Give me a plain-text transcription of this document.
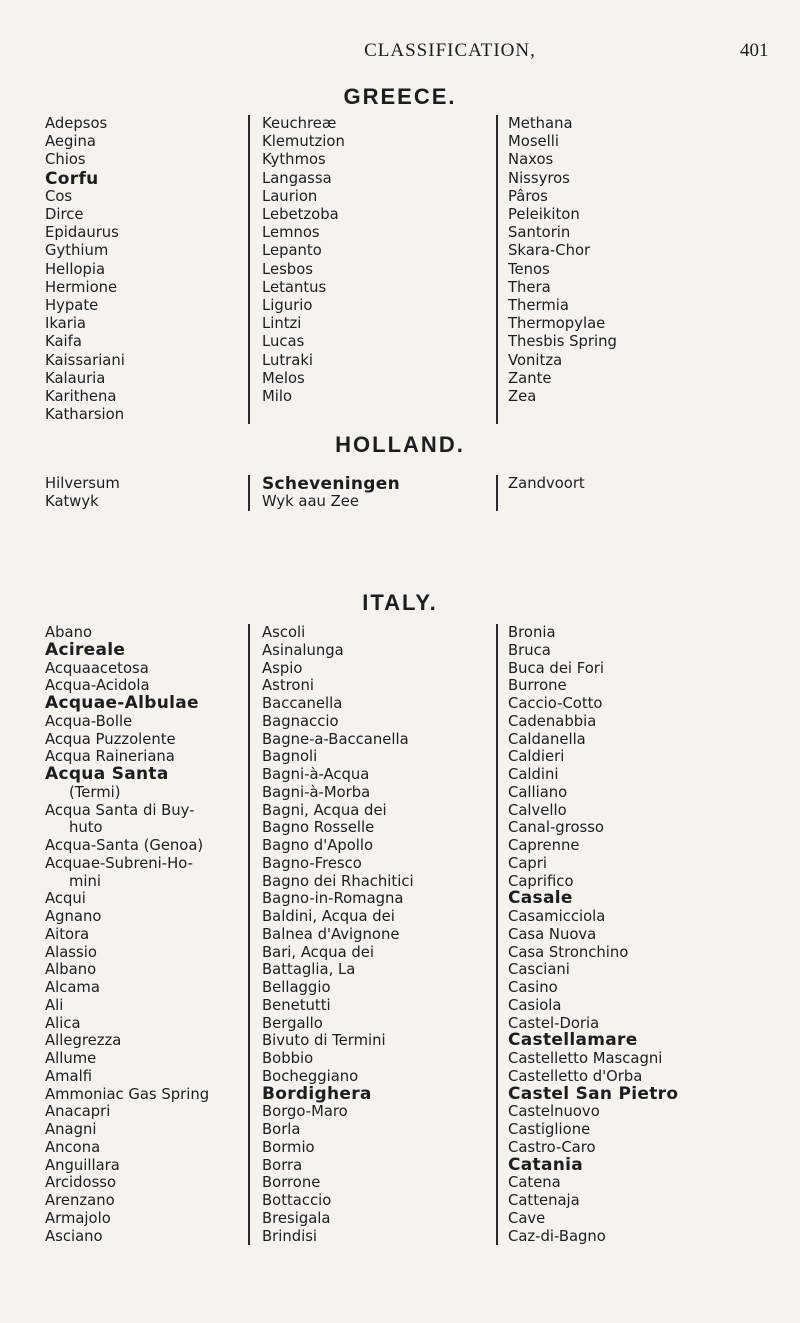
CLASSIFICATION,	401
GREECE.
Adepsos
Aegina
Chios
Corfu
Cos
Dirce
Epidaurus
Gythium
Hellopia
Hermione
Hypate
Ikaria
Kaifa
Kaissariani
Kalauria
Karithena
Katharsion
Keuchreæ
Klemutzion
Kythmos
Langassa
Laurion
Lebetzoba
Lemnos
Lepanto
Lesbos
Letantus
Ligurio
Lintzi
Lucas
Lutraki
Melos
Milo
Methana
Moselli
Naxos
Nissyros
Pâros
Peleikiton
Santorin
Skara-Chor
Tenos
Thera
Thermia
Thermopylae
Thesbis Spring
Vonitza
Zante
Zea
HOLLAND.
Hilversum
Katwyk
Scheveningen
Wyk aau Zee
Zandvoort
ITALY.
Abano
Acireale
Acquaacetosa
Acqua-Acidola
Acquae-Albulae
Acqua-Bolle
Acqua Puzzolente
Acqua Raineriana
Acqua Santa
(Termi)
Acqua Santa di Buy-
huto
Acqua-Santa (Genoa)
Acquae-Subreni-Ho-
mini
Acqui
Agnano
Aitora
Alassio
Albano
Alcama
Ali
Alica
Allegrezza
Allume
Amalfi
Ammoniac Gas Spring
Anacapri
Anagni
Ancona
Anguillara
Arcidosso
Arenzano
Armajolo
Asciano
Ascoli
Asinalunga
Aspio
Astroni
Baccanella
Bagnaccio
Bagne-a-Baccanella
Bagnoli
Bagni-à-Acqua
Bagni-à-Morba
Bagni, Acqua dei
Bagno Rosselle
Bagno d'Apollo
Bagno-Fresco
Bagno dei Rhachitici
Bagno-in-Romagna
Baldini, Acqua dei
Balnea d'Avignone
Bari, Acqua dei
Battaglia, La
Bellaggio
Benetutti
Bergallo
Bivuto di Termini
Bobbio
Bocheggiano
Bordighera
Borgo-Maro
Borla
Bormio
Borra
Borrone
Bottaccio
Bresigala
Brindisi
Bronia
Bruca
Buca dei Fori
Burrone
Caccio-Cotto
Cadenabbia
Caldanella
Caldieri
Caldini
Calliano
Calvello
Canal-grosso
Caprenne
Capri
Caprifico
Casale
Casamicciola
Casa Nuova
Casa Stronchino
Casciani
Casino
Casiola
Castel-Doria
Castellamare
Castelletto Mascagni
Castelletto d'Orba
Castel San Pietro
Castelnuovo
Castiglione
Castro-Caro
Catania
Catena
Cattenaja
Cave
Caz-di-Bagno
